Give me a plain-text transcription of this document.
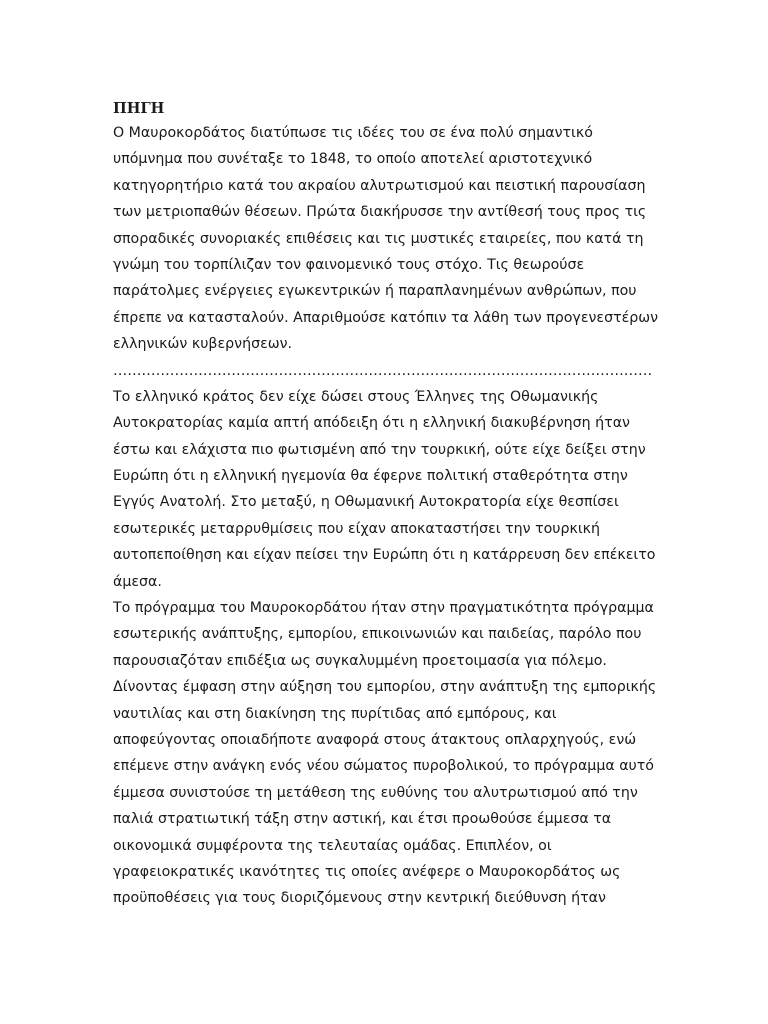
ΠΗΓΗ
Ο Μαυροκορδάτος διατύπωσε τις ιδέες του σε ένα πολύ σημαντικό
υπόμνημα που συνέταξε το 1848, το οποίο αποτελεί αριστοτεχνικό
κατηγορητήριο κατά του ακραίου αλυτρωτισμού και πειστική παρουσίαση
των μετριοπαθών θέσεων. Πρώτα διακήρυσσε την αντίθεσή τους προς τις
σποραδικές συνοριακές επιθέσεις και τις μυστικές εταιρείες, που κατά τη
γνώμη του τορπίλιζαν τον φαινομενικό τους στόχο. Τις θεωρούσε
παράτολμες ενέργειες εγωκεντρικών ή παραπλανημένων ανθρώπων, που
έπρεπε να κατασταλούν. Απαριθμούσε κατόπιν τα λάθη των προγενεστέρων
ελληνικών κυβερνήσεων.
……………………………………………………………………………………………………
Το ελληνικό κράτος δεν είχε δώσει στους Έλληνες της Οθωμανικής
Αυτοκρατορίας καμία απτή απόδειξη ότι η ελληνική διακυβέρνηση ήταν
έστω και ελάχιστα πιο φωτισμένη από την τουρκική, ούτε είχε δείξει στην
Ευρώπη ότι η ελληνική ηγεμονία θα έφερνε πολιτική σταθερότητα στην
Εγγύς Ανατολή. Στο μεταξύ, η Οθωμανική Αυτοκρατορία είχε θεσπίσει
εσωτερικές μεταρρυθμίσεις που είχαν αποκαταστήσει την τουρκική
αυτοπεποίθηση και είχαν πείσει την Ευρώπη ότι η κατάρρευση δεν επέκειτο
άμεσα.
Το πρόγραμμα του Μαυροκορδάτου ήταν στην πραγματικότητα πρόγραμμα
εσωτερικής ανάπτυξης, εμπορίου, επικοινωνιών και παιδείας, παρόλο που
παρουσιαζόταν επιδέξια ως συγκαλυμμένη προετοιμασία για πόλεμο.
Δίνοντας έμφαση στην αύξηση του εμπορίου, στην ανάπτυξη της εμπορικής
ναυτιλίας και στη διακίνηση της πυρίτιδας από εμπόρους, και
αποφεύγοντας οποιαδήποτε αναφορά στους άτακτους οπλαρχηγούς, ενώ
επέμενε στην ανάγκη ενός νέου σώματος πυροβολικού, το πρόγραμμα αυτό
έμμεσα συνιστούσε τη μετάθεση της ευθύνης του αλυτρωτισμού από την
παλιά στρατιωτική τάξη στην αστική, και έτσι προωθούσε έμμεσα τα
οικονομικά συμφέροντα της τελευταίας ομάδας. Επιπλέον, οι
γραφειοκρατικές ικανότητες τις οποίες ανέφερε ο Μαυροκορδάτος ως
προϋποθέσεις για τους διοριζόμενους στην κεντρική διεύθυνση ήταν
